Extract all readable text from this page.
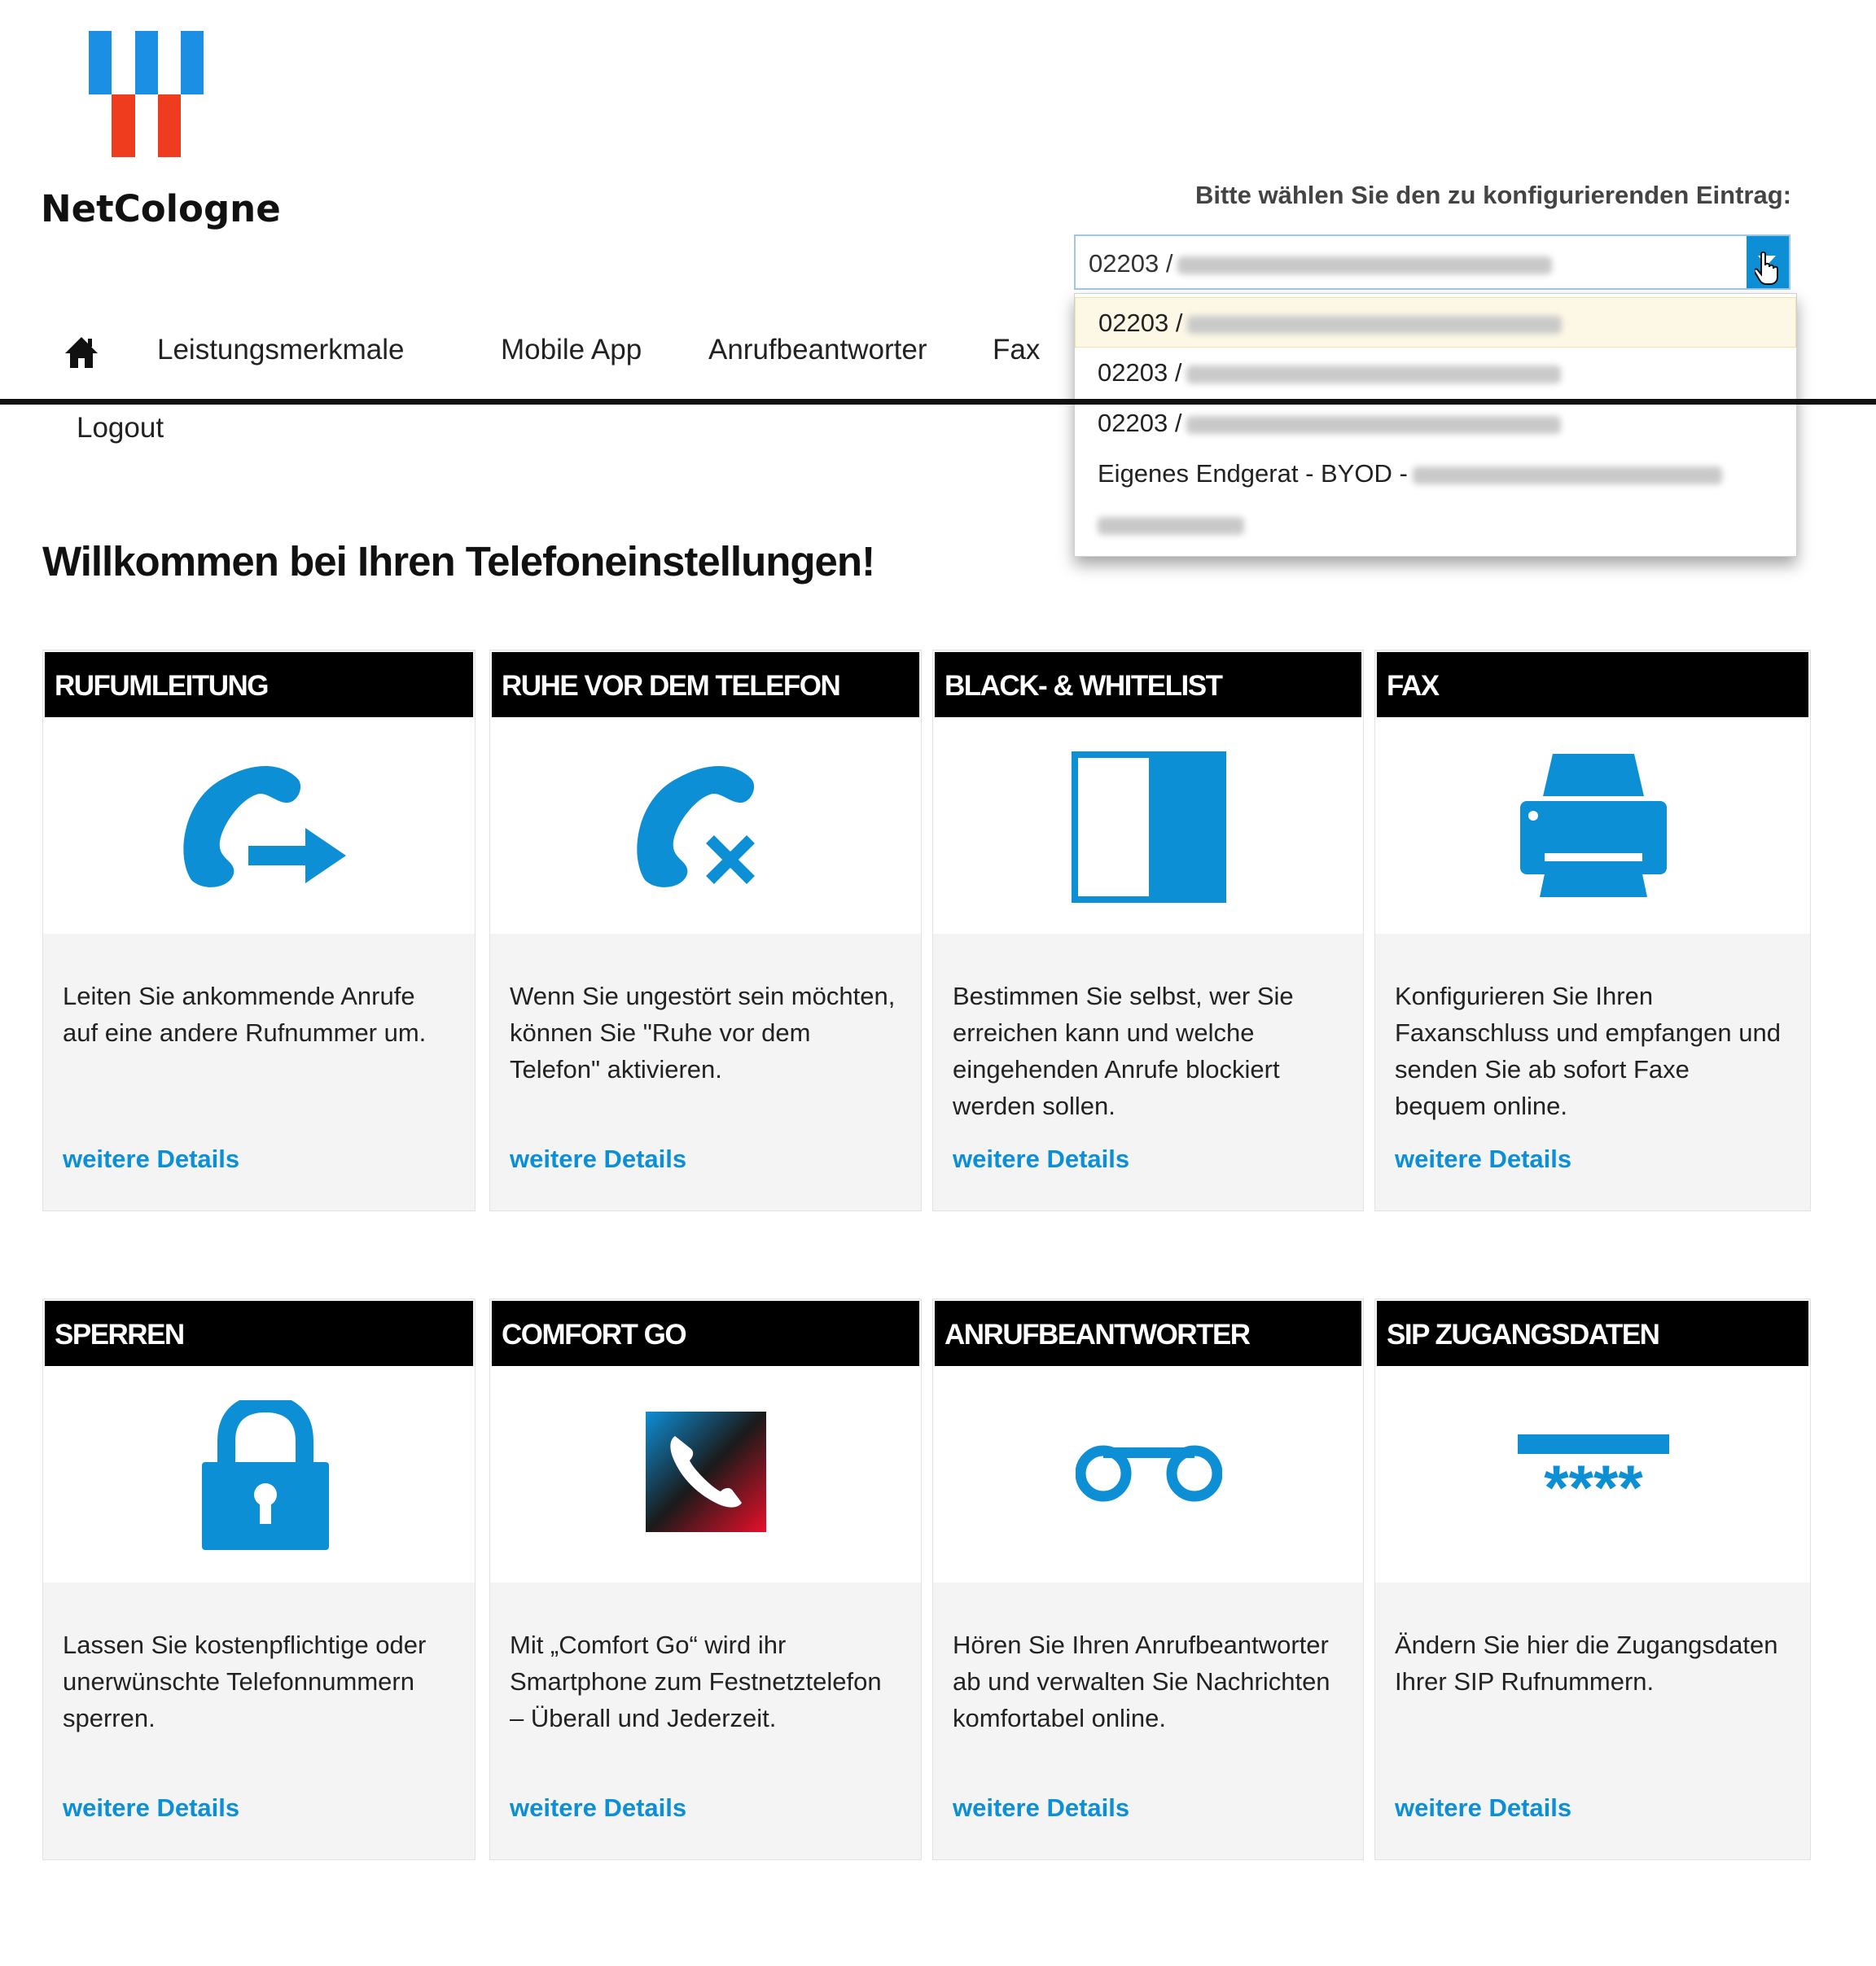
NetCologne	Bitte wählen Sie den zu konfigurierenden Eintrag:
02203 /
02203 /
02203 /
02203 /
Eigenes Endgerat - BYOD -
Leistungsmerkmale	Mobile App Anrufbeantworter Fax
Logout
Willkommen bei Ihren Telefoneinstellungen!
RUFUMLEITUNG
Leiten Sie ankommende Anrufe auf eine andere Rufnummer um.
weitere Details
RUHE VOR DEM TELEFON
Wenn Sie ungestört sein möchten, können Sie "Ruhe vor dem Telefon" aktivieren.
weitere Details
BLACK- & WHITELIST
Bestimmen Sie selbst, wer Sie erreichen kann und welche eingehenden Anrufe blockiert werden sollen.
weitere Details
FAX
Konfigurieren Sie Ihren Faxanschluss und empfangen und senden Sie ab sofort Faxe bequem online.
weitere Details
SPERREN
Lassen Sie kostenpflichtige oder unerwünschte Telefonnummern sperren.
weitere Details
COMFORT GO
Mit „Comfort Go“ wird ihr Smartphone zum Festnetztelefon – Überall und Jederzeit.
weitere Details
ANRUFBEANTWORTER
Hören Sie Ihren Anrufbeantworter ab und verwalten Sie Nachrichten komfortabel online.
weitere Details
SIP ZUGANGSDATEN
****
Ändern Sie hier die Zugangsdaten Ihrer SIP Rufnummern.
weitere Details
